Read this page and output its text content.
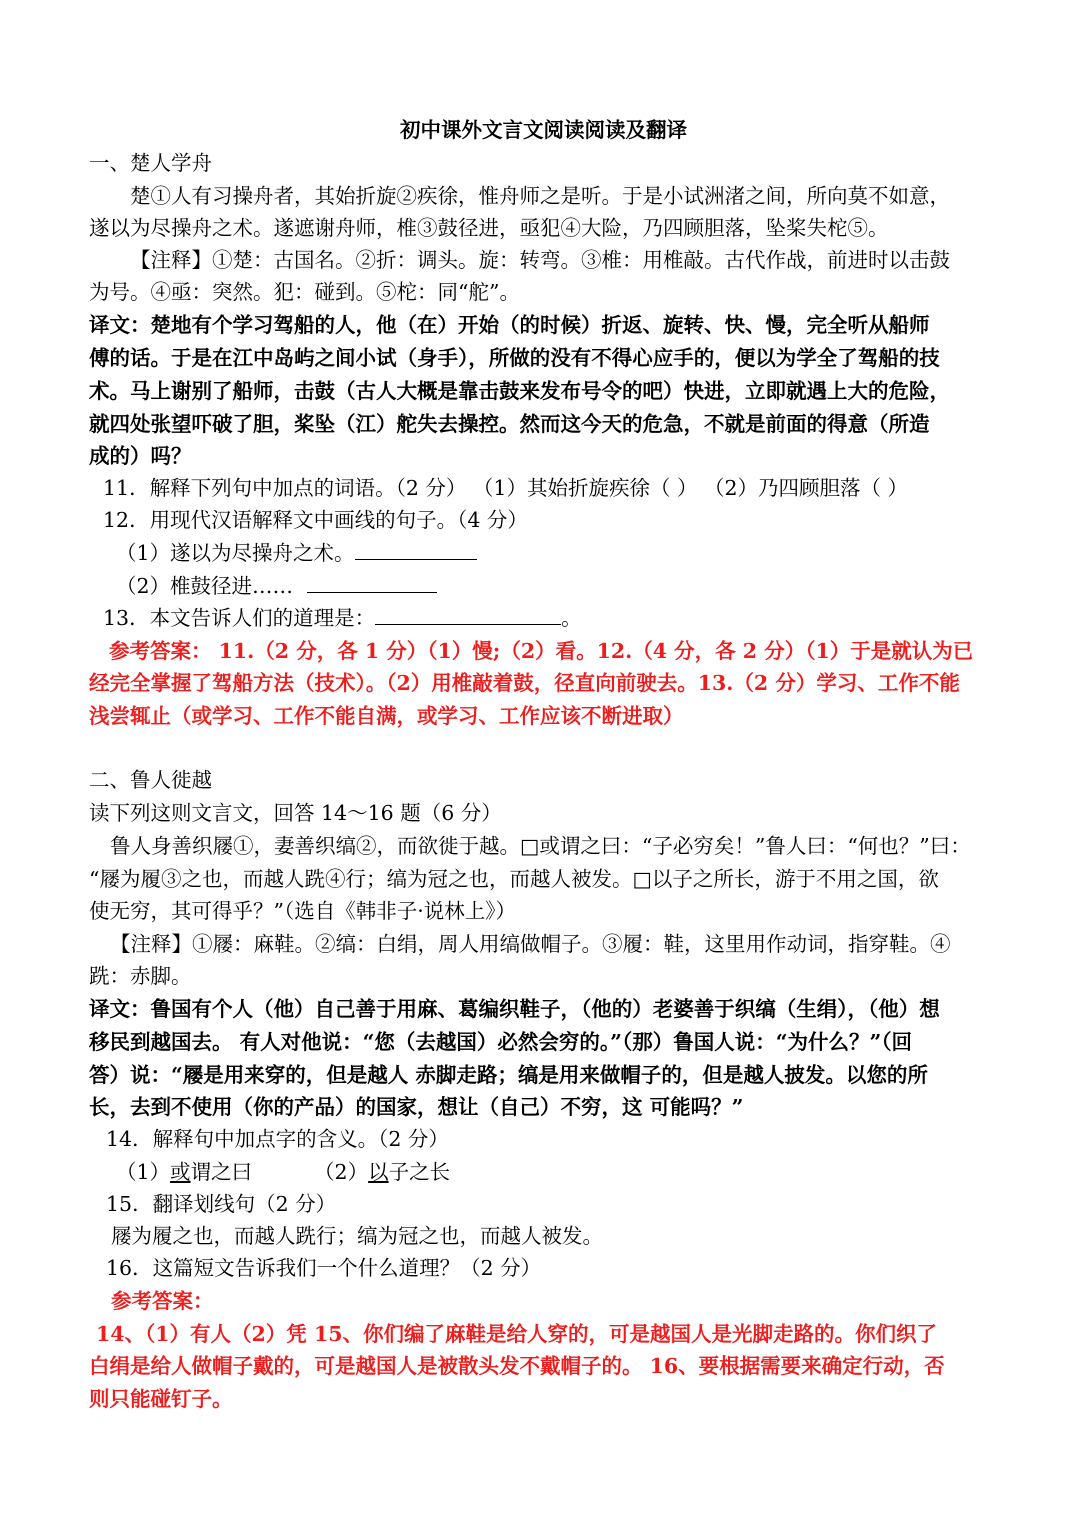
初中课外文言文阅读阅读及翻译
一、楚人学舟
楚①人有习操舟者，其始折旋②疾徐，惟舟师之是听。于是小试洲渚之间，所向莫不如意，
遂以为尽操舟之术。遂遮谢舟师，椎③鼓径进，亟犯④大险，乃四顾胆落，坠桨失柁⑤。
【注释】①楚：古国名。②折：调头。旋：转弯。③椎：用椎敲。古代作战，前进时以击鼓
为号。④亟：突然。犯：碰到。⑤柁：同“舵”。
译文：楚地有个学习驾船的人，他（在）开始（的时候）折返、旋转、快、慢，完全听从船师
傅的话。于是在江中岛屿之间小试（身手），所做的没有不得心应手的，便以为学全了驾船的技
术。马上谢别了船师，击鼓（古人大概是靠击鼓来发布号令的吧）快进，立即就遇上大的危险，
就四处张望吓破了胆，桨坠（江）舵失去操控。然而这今天的危急，不就是前面的得意（所造
成的）吗？
11．解释下列句中加点的词语。（2 分） （1）其始折旋疾徐（ ） （2）乃四顾胆落（ ）
12．用现代汉语解释文中画线的句子。（4 分）
（1）遂以为尽操舟之术。
（2）椎鼓径进……
13．本文告诉人们的道理是：	。
参考答案： 11.（2 分，各 1 分）（1）慢;（2）看。12.（4 分，各 2 分）（1）于是就认为已
经完全掌握了驾船方法（技术）。（2）用椎敲着鼓，径直向前驶去。13.（2 分）学习、工作不能
浅尝辄止（或学习、工作不能自满，或学习、工作应该不断进取）
二、鲁人徙越
读下列这则文言文，回答 14～16 题（6 分）
鲁人身善织屦①，妻善织缟②，而欲徙于越。□或谓之曰：“子必穷矣！”鲁人曰：“何也？”曰：
“屦为履③之也，而越人跣④行；缟为冠之也，而越人被发。□以子之所长，游于不用之国，欲
使无穷，其可得乎？”（选自《韩非子·说林上》）
【注释】①屦：麻鞋。②缟：白绢，周人用缟做帽子。③履：鞋，这里用作动词，指穿鞋。④
跣：赤脚。
译文：鲁国有个人（他）自己善于用麻、葛编织鞋子，（他的）老婆善于织缟（生绢），（他）想
移民到越国去。 有人对他说：“您（去越国）必然会穷的。”（那）鲁国人说：“为什么？”（回
答）说：“屦是用来穿的，但是越人 赤脚走路；缟是用来做帽子的，但是越人披发。以您的所
长，去到不使用（你的产品）的国家，想让（自己）不穷，这 可能吗？”
14．解释句中加点字的含义。（2 分）
（1）或谓之曰	（2）以子之长
15．翻译划线句（2 分）
屦为履之也，而越人跣行；缟为冠之也，而越人被发。
16．这篇短文告诉我们一个什么道理？（2 分）
参考答案：
14、（1）有人（2）凭 15、你们编了麻鞋是给人穿的，可是越国人是光脚走路的。你们织了
白绢是给人做帽子戴的，可是越国人是被散头发不戴帽子的。 16、要根据需要来确定行动，否
则只能碰钉子。
